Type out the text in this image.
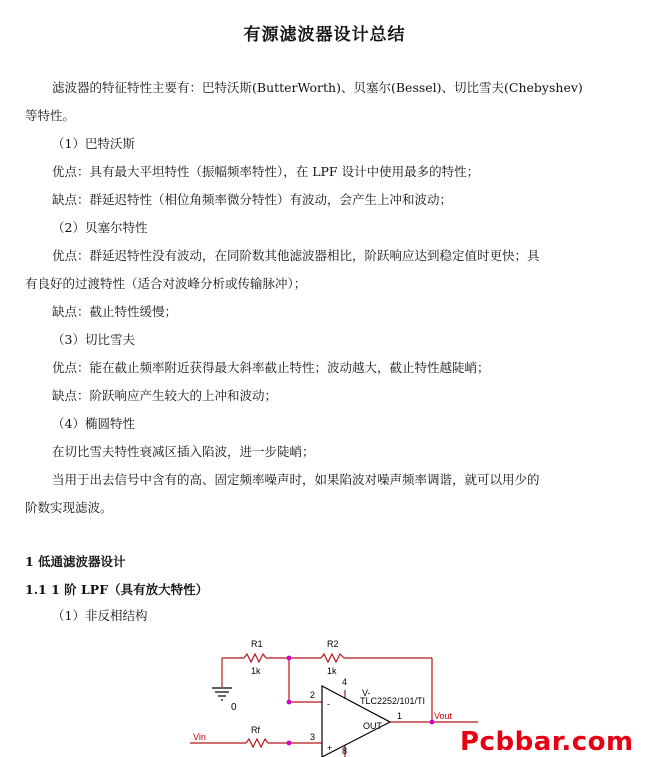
有源滤波器设计总结
滤波器的特征特性主要有：巴特沃斯(ButterWorth)、贝塞尔(Bessel)、切比雪夫(Chebyshev)
等特性。
（1）巴特沃斯
优点：具有最大平坦特性（振幅频率特性），在 LPF 设计中使用最多的特性；
缺点：群延迟特性（相位角频率微分特性）有波动，会产生上冲和波动；
（2）贝塞尔特性
优点：群延迟特性没有波动，在同阶数其他滤波器相比，阶跃响应达到稳定值时更快；具
有良好的过渡特性（适合对波峰分析或传输脉冲）；
缺点：截止特性缓慢；
（3）切比雪夫
优点：能在截止频率附近获得最大斜率截止特性；波动越大，截止特性越陡峭；
缺点：阶跃响应产生较大的上冲和波动；
（4）椭圆特性
在切比雪夫特性衰减区插入陷波，进一步陡峭；
当用于出去信号中含有的高、固定频率噪声时，如果陷波对噪声频率调谐，就可以用少的
阶数实现滤波。
1 低通滤波器设计
1.1 1 阶 LPF（具有放大特性）
（1）非反相结构
R1
1k
R2
1k
Rf
0
2
3
4
8
1
V-
-
+
TLC2252/101/TI
OUT
Vout
Vin	Pcbbar.com
